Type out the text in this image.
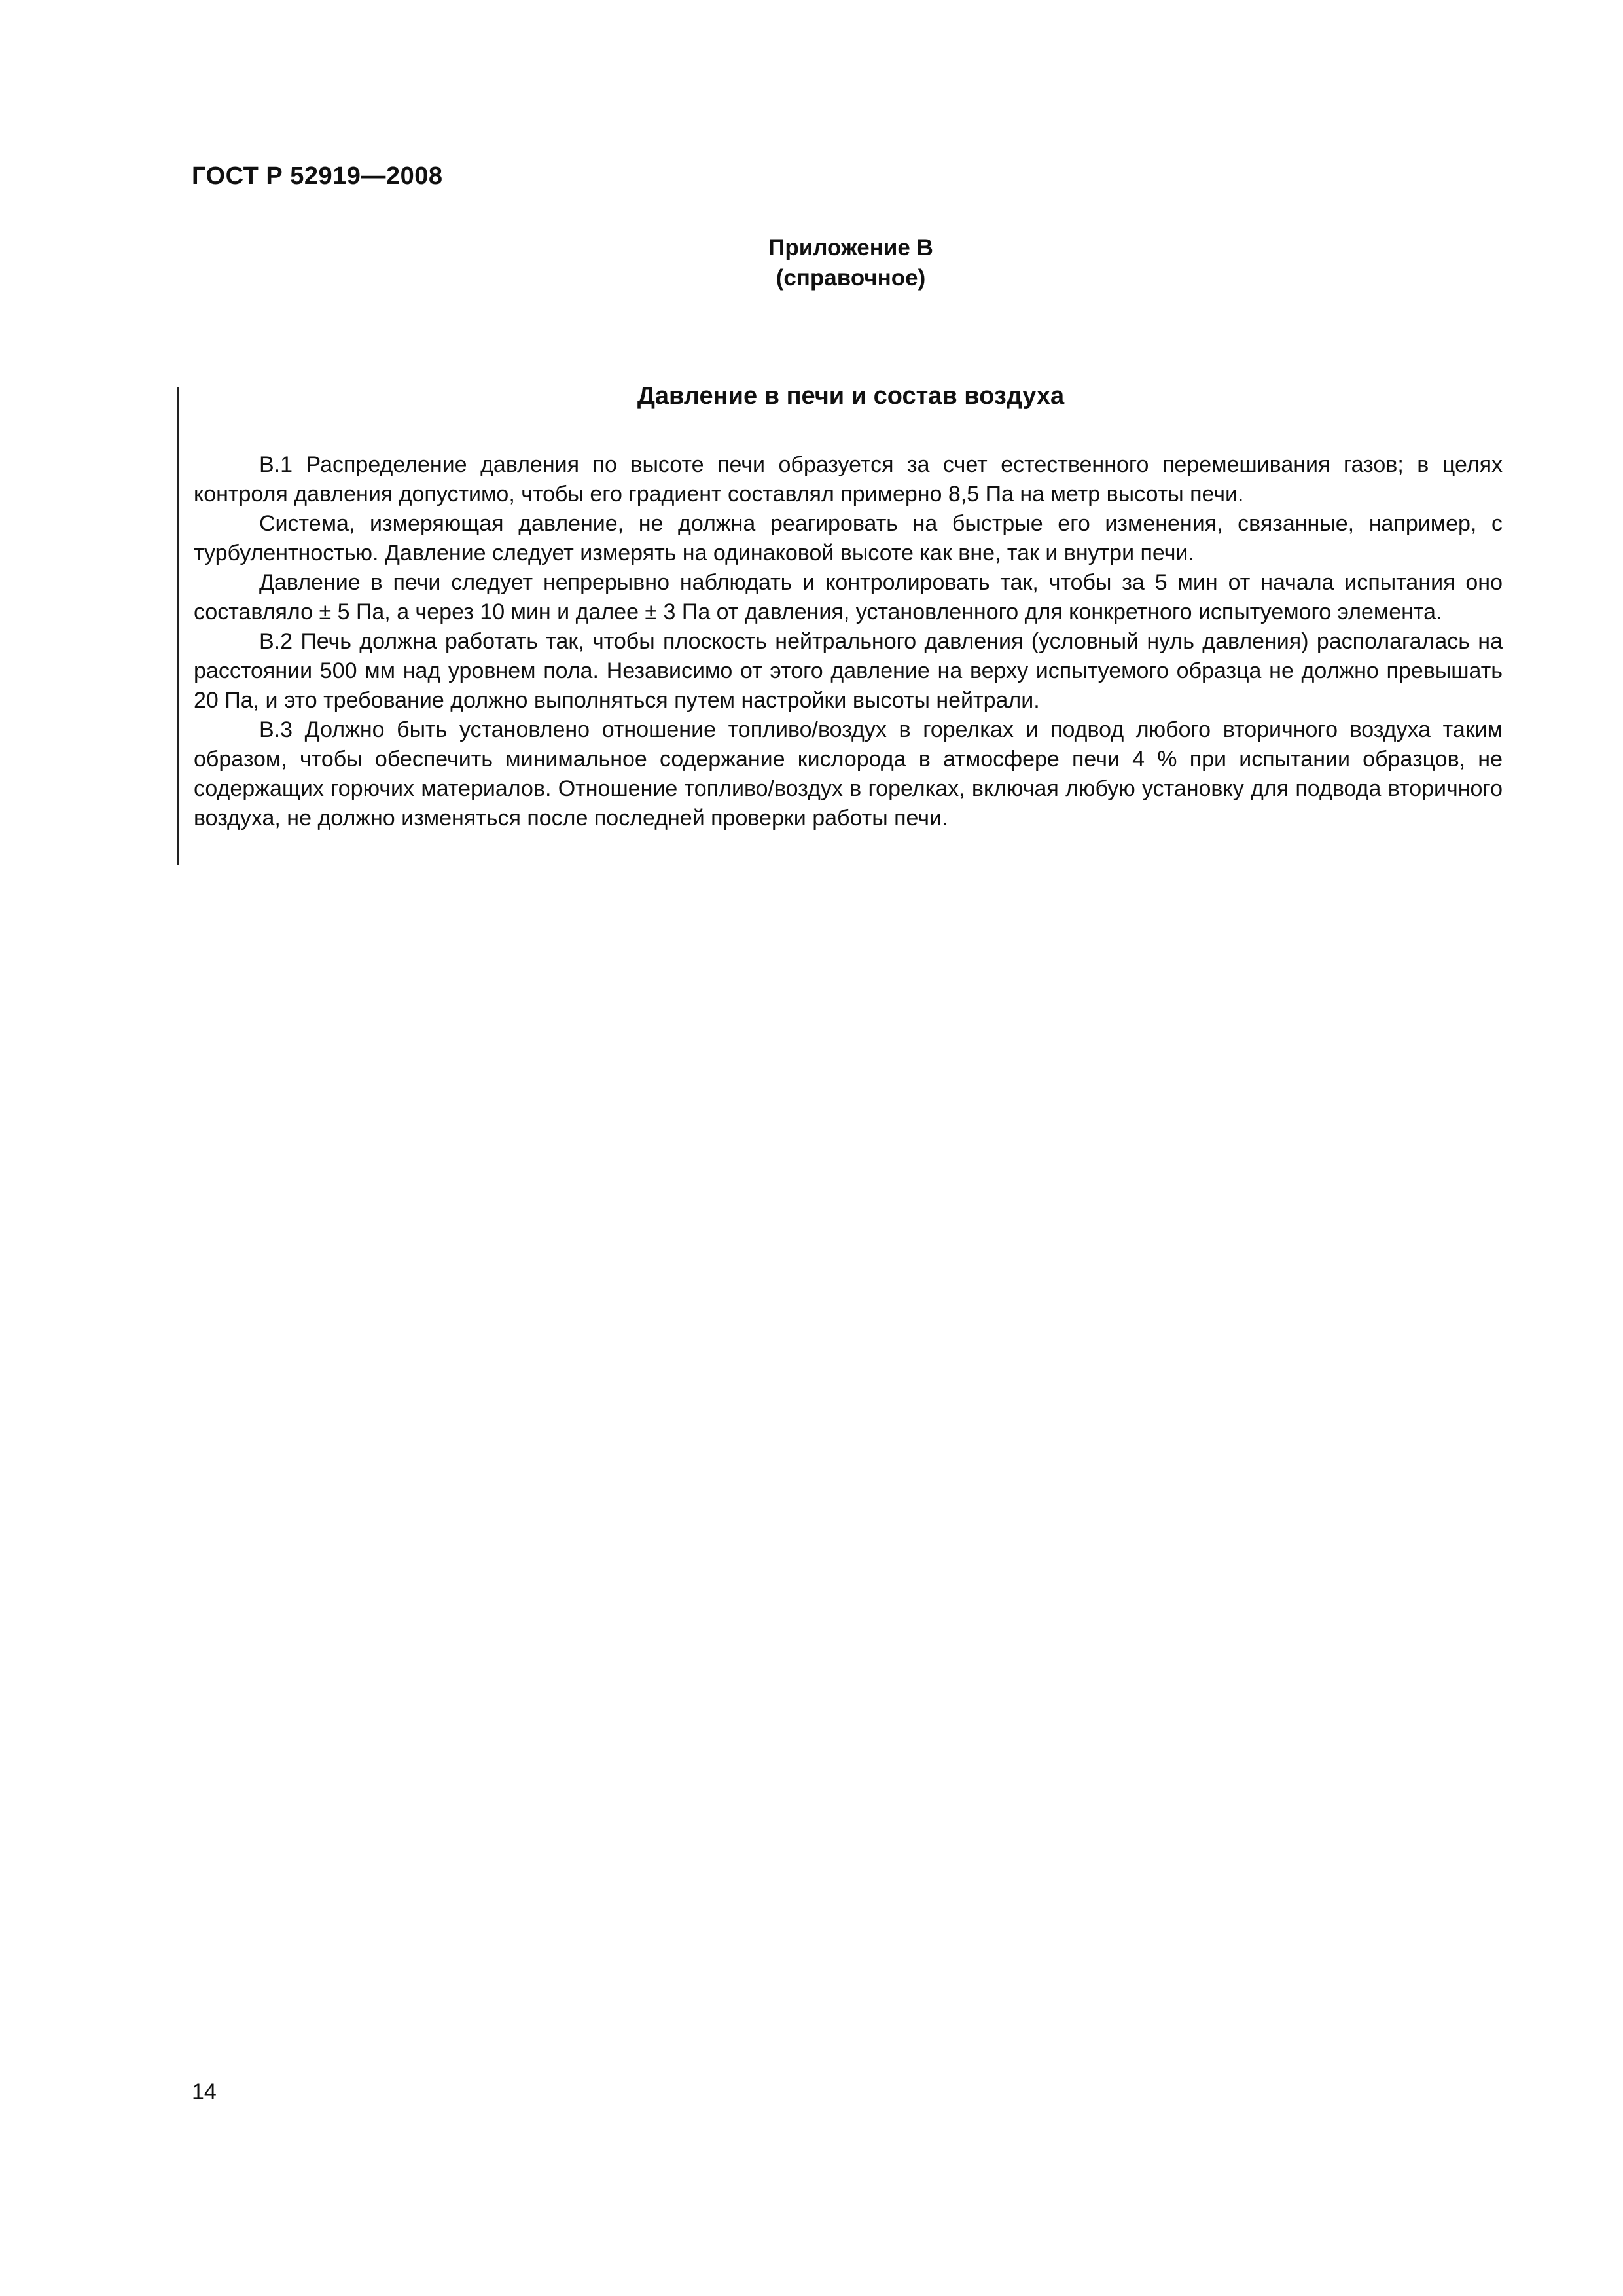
ГОСТ Р 52919—2008
Приложение В
(справочное)
Давление в печи и состав воздуха

В.1 Распределение давления по высоте печи образуется за счет естественного перемешивания газов; в целях контроля давления допустимо, чтобы его градиент составлял примерно 8,5 Па на метр высоты печи.

Система, измеряющая давление, не должна реагировать на быстрые его изменения, связанные, например, с турбулентностью. Давление следует измерять на одинаковой высоте как вне, так и внутри печи.

Давление в печи следует непрерывно наблюдать и контролировать так, чтобы за 5 мин от начала испытания оно составляло ± 5 Па, а через 10 мин и далее ± 3 Па от давления, установленного для конкретного испытуемого элемента.

В.2 Печь должна работать так, чтобы плоскость нейтрального давления (условный нуль давления) располагалась на расстоянии 500 мм над уровнем пола. Независимо от этого давление на верху испытуемого образца не должно превышать 20 Па, и это требование должно выполняться путем настройки высоты нейтрали.

В.3 Должно быть установлено отношение топливо/воздух в горелках и подвод любого вторичного воздуха таким образом, чтобы обеспечить минимальное содержание кислорода в атмосфере печи 4 % при испытании образцов, не содержащих горючих материалов. Отношение топливо/воздух в горелках, включая любую установку для подвода вторичного воздуха, не должно изменяться после последней проверки работы печи.

14
